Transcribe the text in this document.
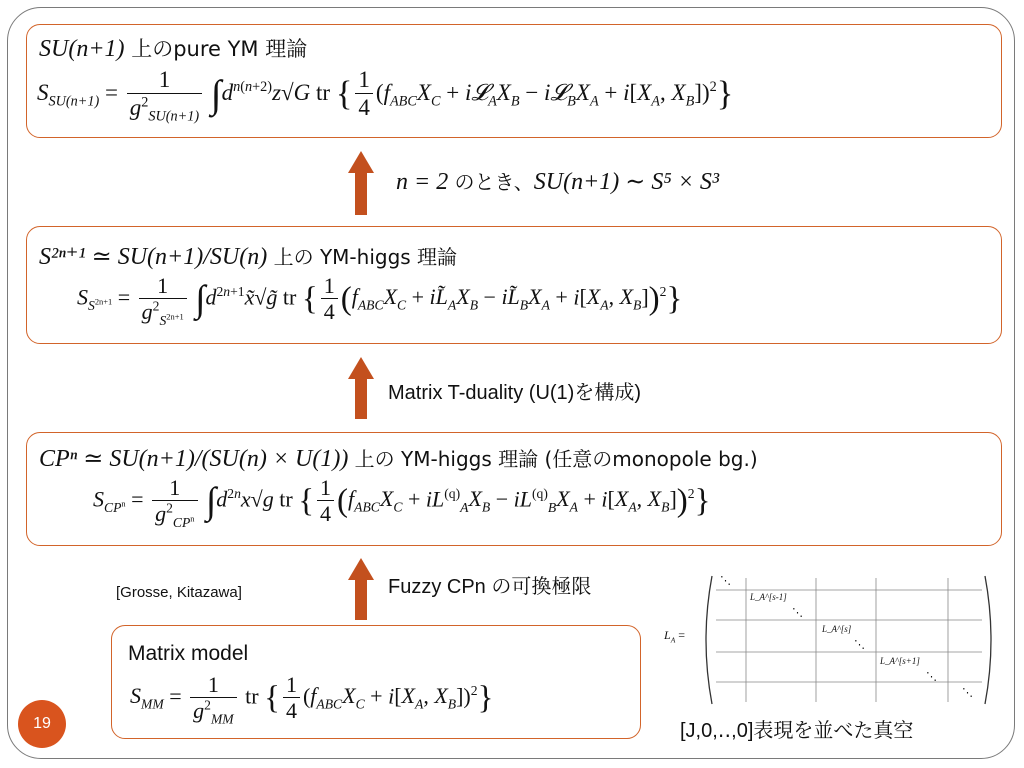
SU(n+1) 上のpure YM 理論
$S_{SU(n+1)} = \frac{1}{g^2_{SU(n+1)}} \int d^{n(n+2)}z√G$ tr { $\frac{1}{4} (f_{ABC}X_C$ + $i𝓛_AX_B$ − $i𝓛_BX_A + i[X_A$, $X_B])^2$}
n = 2 のとき、SU(n+1) ∼ S⁵ × S³
S²ⁿ⁺¹ ≃ SU(n+1)/SU(n) 上の YM-higgs 理論
$S_{S^{2n+1}} = \frac{1}{g^2_{S^{2n+1}}}$ $\int d^{2n+1}x̃√g̃$ tr { $\frac{1}{4} (f_{ABC}X_C$ + $iL̃_AX_B$ − $iL̃_BX_A + i[X_A$, $X_B])^2$}
Matrix T-duality (U(1)を構成)
CPⁿ ≃ SU(n+1)/(SU(n) × U(1)) 上の YM-higgs 理論 (任意のmonopole bg.)
$S_{CP^n} = \frac{1}{g^2_{CP^n}} \int d^{2n}x√g$ tr { $\frac{1}{4} (f_{ABC}X_C + iL^{(q)}_AX_B - iL^{(q)}_BX_A + i[X_A$, $X_B])^2$}
Fuzzy CPn の可換極限
[Grosse, Kitazawa]
Matrix model
$S_{MM} = \frac{1}{g^2_{MM}}$ tr { $\frac{1}{4} (f_{ABC}X_C + i[X_A$, $X_B])^2$}
$L_A$ =
⋱
L_A^[s-1]
⋱
L_A^[s]
⋱
L_A^[s+1]
⋱
⋱
[J,0,‥,0]表現を並べた真空
19
